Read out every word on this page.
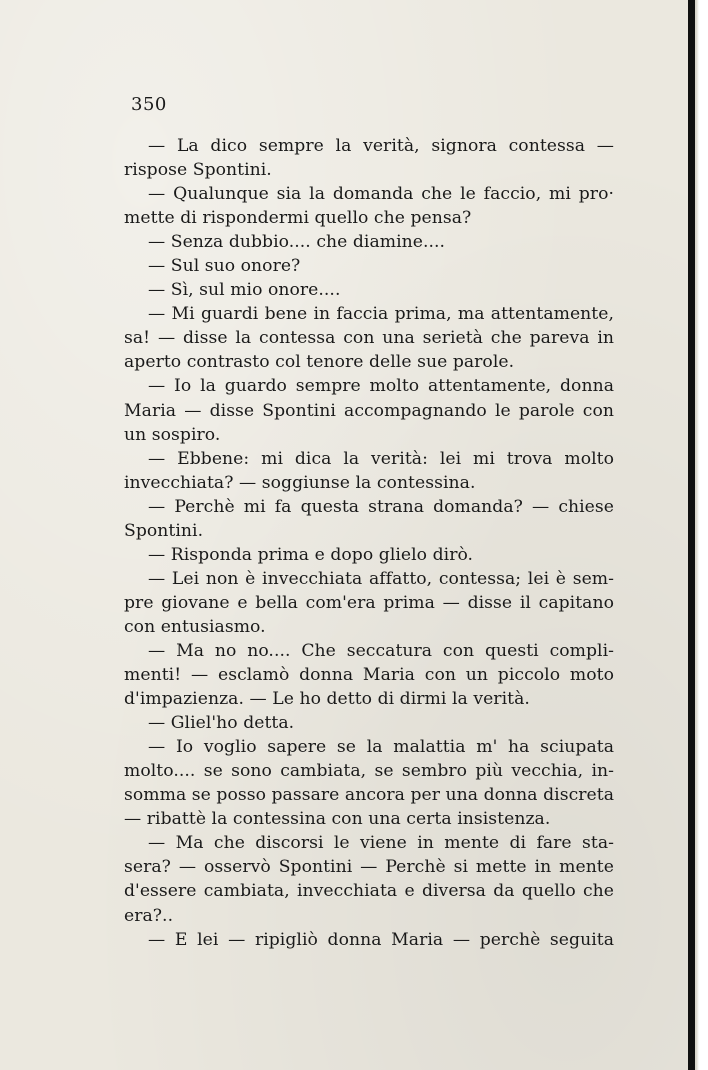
350
— La dico sempre la verità, signora contessa —
rispose Spontini.
— Qualunque sia la domanda che le faccio, mi pro·
mette di rispondermi quello che pensa?
— Senza dubbio.... che diamine....
— Sul suo onore?
— Sì, sul mio onore....
— Mi guardi bene in faccia prima, ma attentamente,
sa! — disse la contessa con una serietà che pareva in
aperto contrasto col tenore delle sue parole.
— Io la guardo sempre molto attentamente, donna
Maria — disse Spontini accompagnando le parole con
un sospiro.
— Ebbene: mi dica la verità: lei mi trova molto
invecchiata? — soggiunse la contessina.
— Perchè mi fa questa strana domanda? — chiese
Spontini.
— Risponda prima e dopo glielo dirò.
— Lei non è invecchiata affatto, contessa; lei è sem-
pre giovane e bella com'era prima — disse il capitano
con entusiasmo.
— Ma no no.... Che seccatura con questi compli-
menti! — esclamò donna Maria con un piccolo moto
d'impazienza. — Le ho detto di dirmi la verità.
— Gliel'ho detta.
— Io voglio sapere se la malattia m' ha sciupata
molto.... se sono cambiata, se sembro più vecchia, in-
somma se posso passare ancora per una donna discreta
— ribattè la contessina con una certa insistenza.
— Ma che discorsi le viene in mente di fare sta-
sera? — osservò Spontini — Perchè si mette in mente
d'essere cambiata, invecchiata e diversa da quello che
era?..
— E lei — ripigliò donna Maria — perchè seguita
